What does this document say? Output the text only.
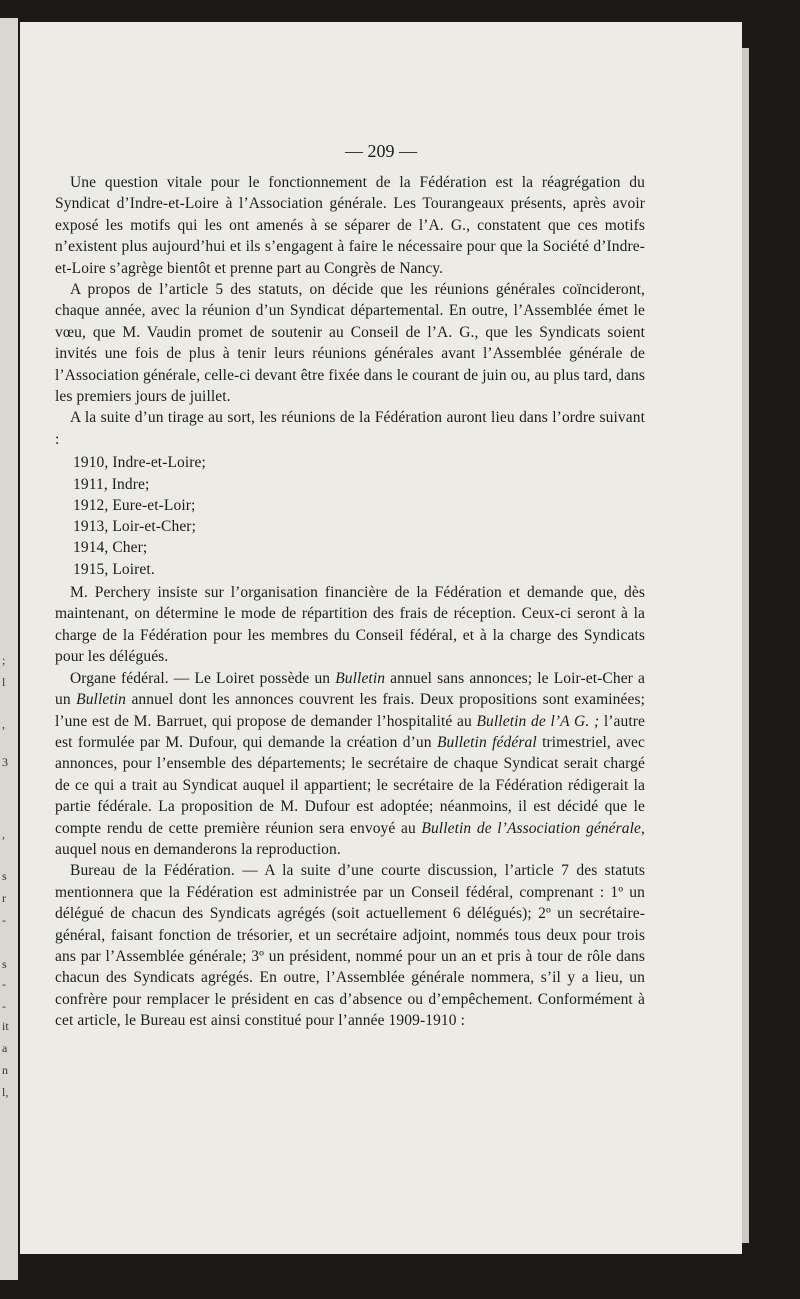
;
l
,
3
,
s
r
-
s
-
-
it
a
n
l,
— 209 —

Une question vitale pour le fonctionnement de la Fédération est la réagrégation du Syndicat d’Indre-et-Loire à l’Association générale. Les Tourangeaux présents, après avoir exposé les motifs qui les ont amenés à se séparer de l’A. G., constatent que ces motifs n’existent plus aujourd’hui et ils s’engagent à faire le nécessaire pour que la Société d’Indre-et-Loire s’agrège bientôt et prenne part au Congrès de Nancy.

A propos de l’article 5 des statuts, on décide que les réunions générales coïncideront, chaque année, avec la réunion d’un Syndicat départemental. En outre, l’Assemblée émet le vœu, que M. Vaudin promet de soutenir au Conseil de l’A. G., que les Syndicats soient invités une fois de plus à tenir leurs réunions générales avant l’Assemblée générale de l’Association générale, celle-ci devant être fixée dans le courant de juin ou, au plus tard, dans les premiers jours de juillet.

A la suite d’un tirage au sort, les réunions de la Fédération auront lieu dans l’ordre suivant :

1910, Indre-et-Loire;
1911, Indre;
1912, Eure-et-Loir;
1913, Loir-et-Cher;
1914, Cher;
1915, Loiret.

M. Perchery insiste sur l’organisation financière de la Fédération et demande que, dès maintenant, on détermine le mode de répartition des frais de réception. Ceux-ci seront à la charge de la Fédération pour les membres du Conseil fédéral, et à la charge des Syndicats pour les délégués.

Organe fédéral. — Le Loiret possède un Bulletin annuel sans annonces; le Loir-et-Cher a un Bulletin annuel dont les annonces couvrent les frais. Deux propositions sont examinées; l’une est de M. Barruet, qui propose de demander l’hospitalité au Bulletin de l’A G. ; l’autre est formulée par M. Dufour, qui demande la création d’un Bulletin fédéral trimestriel, avec annonces, pour l’ensemble des départements; le secrétaire de chaque Syndicat serait chargé de ce qui a trait au Syndicat auquel il appartient; le secrétaire de la Fédération rédigerait la partie fédérale. La proposition de M. Dufour est adoptée; néanmoins, il est décidé que le compte rendu de cette première réunion sera envoyé au Bulletin de l’Association générale, auquel nous en demanderons la reproduction.

Bureau de la Fédération. — A la suite d’une courte discussion, l’article 7 des statuts mentionnera que la Fédération est administrée par un Conseil fédéral, comprenant : 1º un délégué de chacun des Syndicats agrégés (soit actuellement 6 délégués); 2º un secrétaire-général, faisant fonction de trésorier, et un secrétaire adjoint, nommés tous deux pour trois ans par l’Assemblée générale; 3º un président, nommé pour un an et pris à tour de rôle dans chacun des Syndicats agrégés. En outre, l’Assemblée générale nommera, s’il y a lieu, un confrère pour remplacer le président en cas d’absence ou d’empêchement. Conformément à cet article, le Bureau est ainsi constitué pour l’année 1909-1910 :
